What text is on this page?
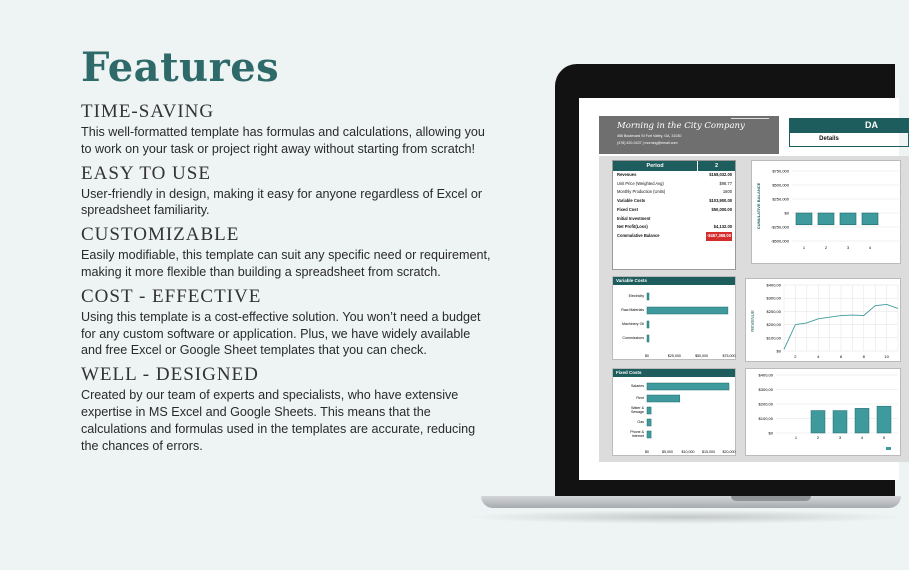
Features
TIME-SAVING
This well-formatted template has formulas and calculations, allowing you to work on your task or project right away without starting from scratch!
EASY TO USE
User-friendly in design, making it easy for anyone regardless of Excel or spreadsheet familiarity.
CUSTOMIZABLE
Easily modifiable, this template can suit any specific need or requirement, making it more flexible than building a spreadsheet from scratch.
COST - EFFECTIVE
Using this template is a cost-effective solution. You won’t need a budget for any custom software or application. Plus, we have widely available and free Excel or Google Sheet templates that you can check.
WELL - DESIGNED
Created by our team of experts and specialists, who have extensive expertise in MS Excel and Google Sheets. This means that the calculations and formulas used in the templates are accurate, reducing the chances of errors.
Morning in the City Company
456 Boulevard St Fort Valley, GA, 31030
(478) 420-0437 | morning@email.com
Logo
DA
Details
Period	2
Revenues	$158,032.00
Unit Price (Weighted Avg)	$98.77
Monthly Production (Units)	1600
Variable Costs	$103,900.00
Fixed Cost	$50,000.00
Initial Investment
Net Profit(Loss)	$4,132.00
Commulative Balance	-$457,368.00
$750,000
$500,000
$250,000
$0
-$250,000
-$500,000
CUMULATIVE BALANCE
1	2	3	4
Variable Costs
Electricity
Raw Materials
Machinery Oil
Commissions
$0	$25,000	$50,000	$75,000
$400,00
$300,00
$250,00
$200,00
$100,00
$0
REVENUE
2	4	6	8	10
Fixed Costs
Salaries
Rent
Water &
Sewage
Gas
Phone &
Internet
$0	$5,000 $10,000 $15,000 $20,000
$400,00
$300,00
$200,00
$100,00
$0
1	2	3	4	5
